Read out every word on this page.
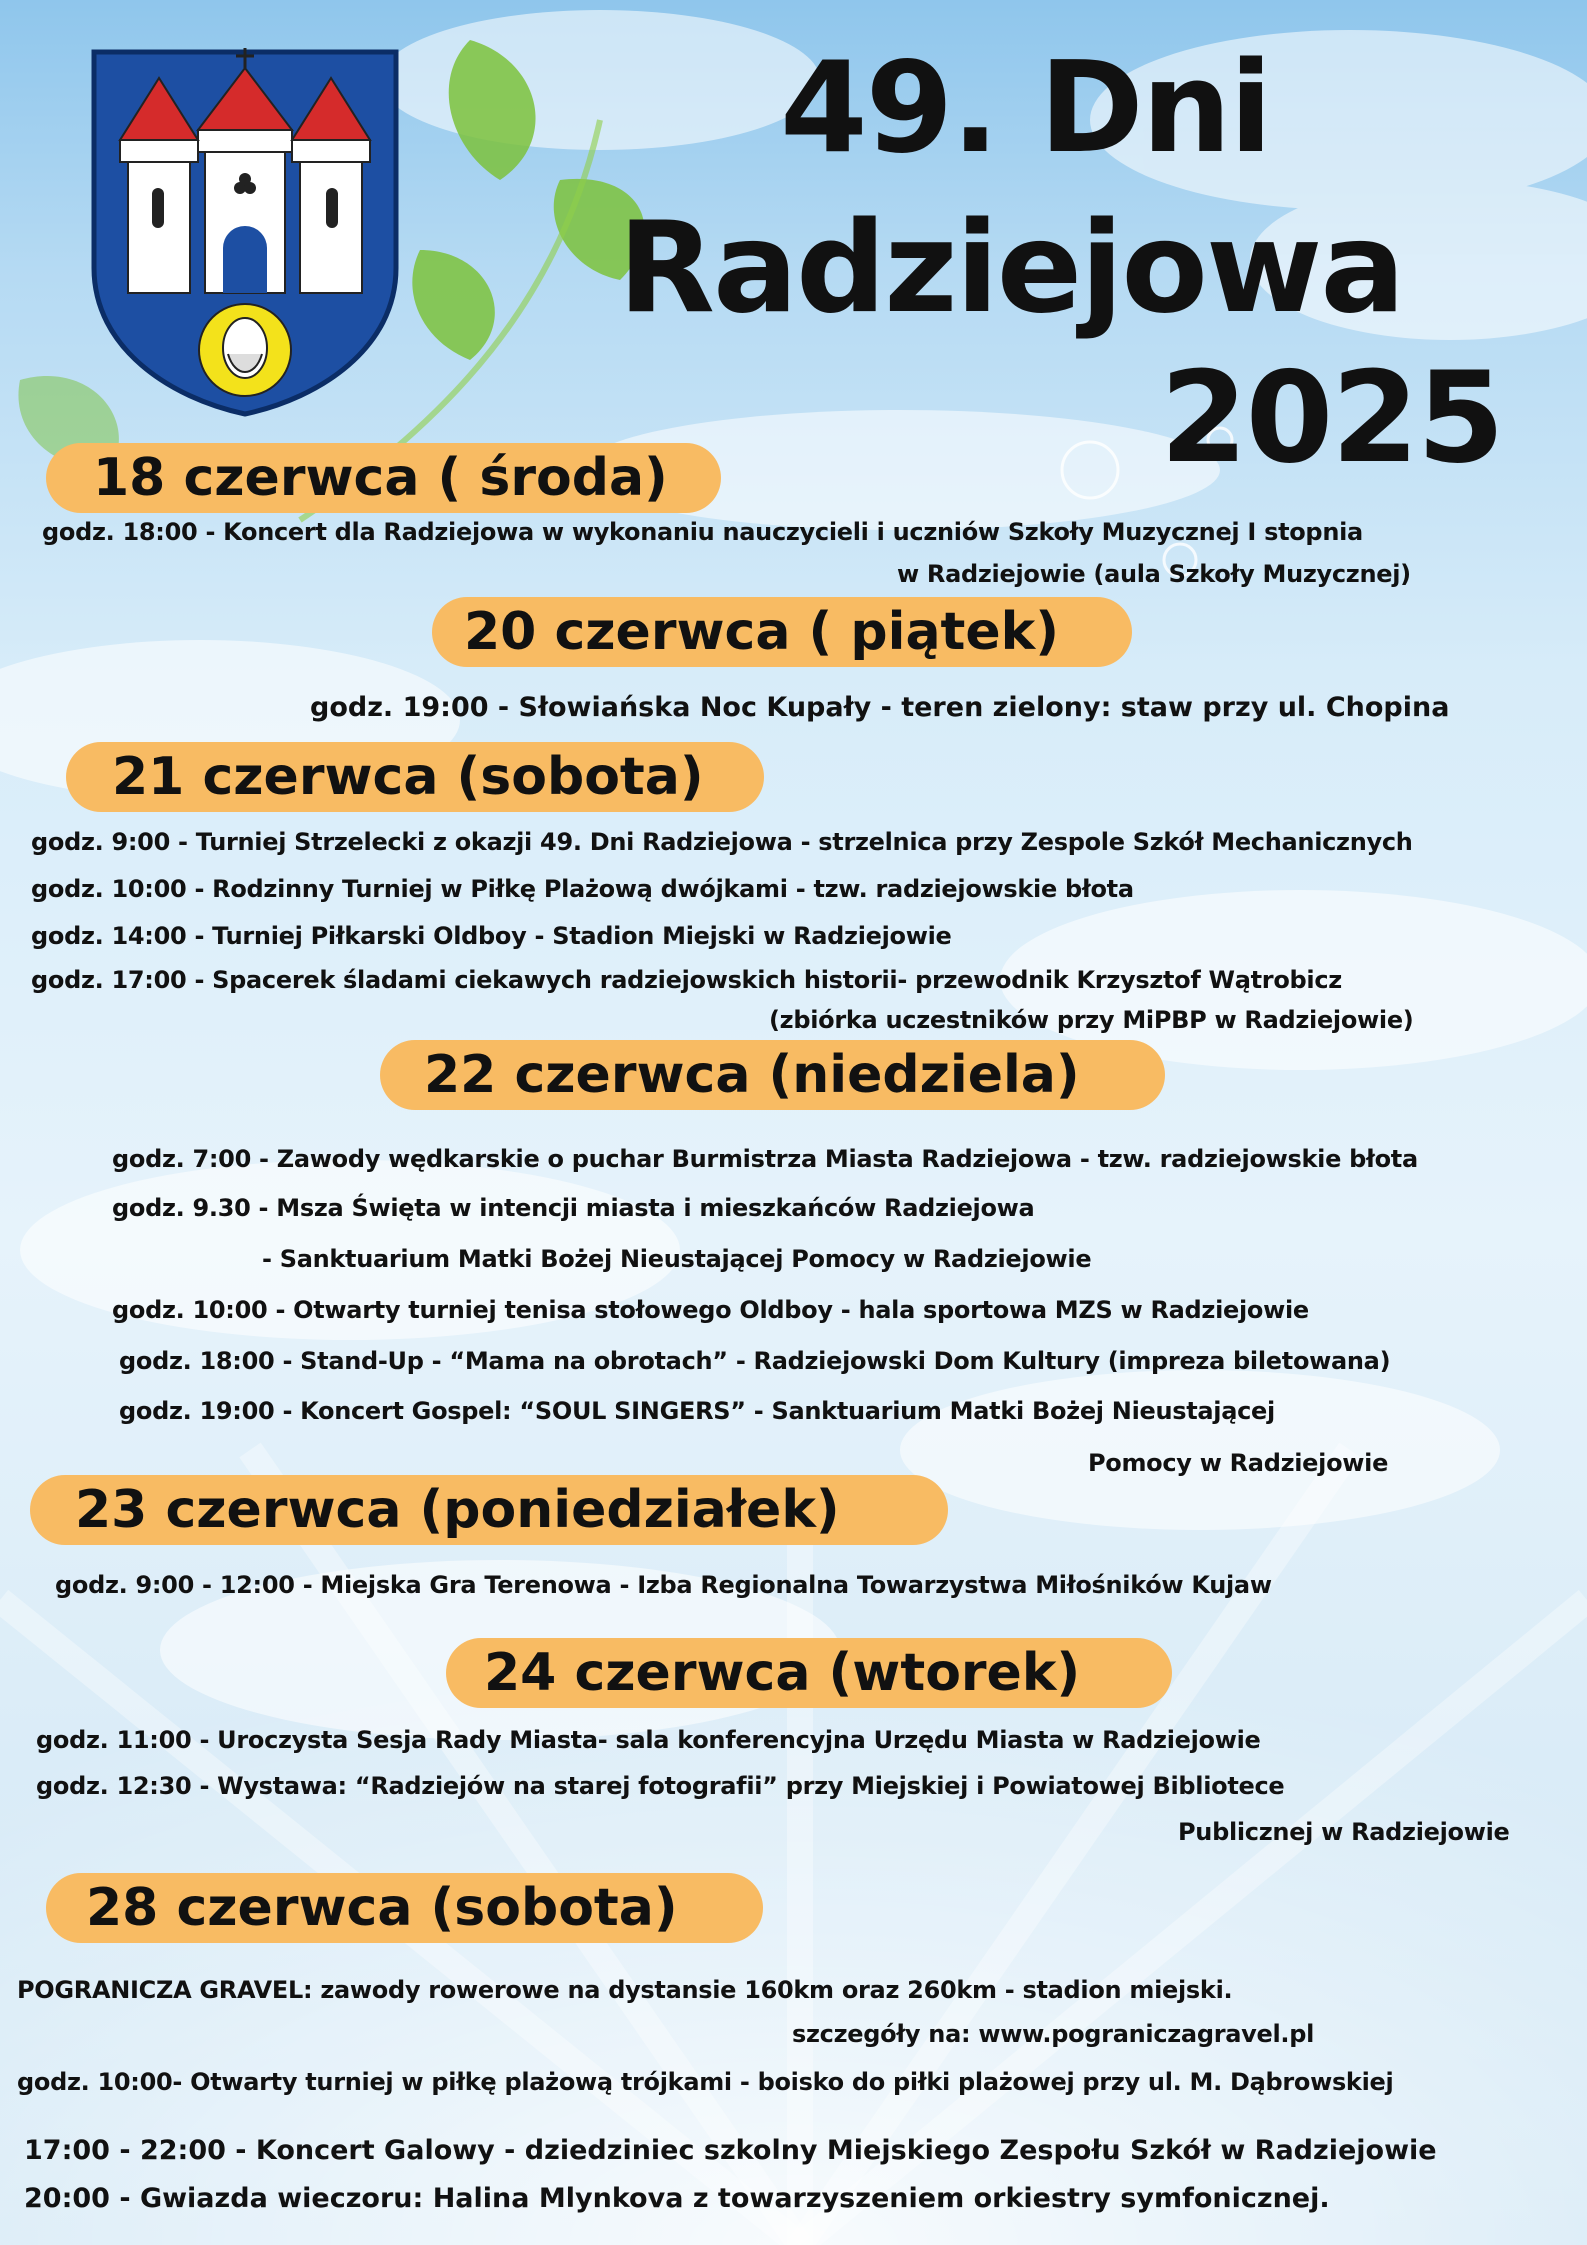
49. Dni
Radziejowa
2025
18 czerwca ( środa)
godz. 18:00 - Koncert dla Radziejowa w wykonaniu nauczycieli i uczniów Szkoły Muzycznej I stopnia
w Radziejowie (aula Szkoły Muzycznej)
20 czerwca ( piątek)
godz. 19:00 - Słowiańska Noc Kupały - teren zielony: staw przy ul. Chopina
21 czerwca (sobota)
godz. 9:00 - Turniej Strzelecki z okazji 49. Dni Radziejowa - strzelnica przy Zespole Szkół Mechanicznych
godz. 10:00 - Rodzinny Turniej w Piłkę Plażową dwójkami - tzw. radziejowskie błota
godz. 14:00 - Turniej Piłkarski Oldboy - Stadion Miejski w Radziejowie
godz. 17:00 - Spacerek śladami ciekawych radziejowskich historii- przewodnik Krzysztof Wątrobicz
(zbiórka uczestników przy MiPBP w Radziejowie)
22 czerwca (niedziela)
godz. 7:00 - Zawody wędkarskie o puchar Burmistrza Miasta Radziejowa - tzw. radziejowskie błota
godz. 9.30 - Msza Święta w intencji miasta i mieszkańców Radziejowa
- Sanktuarium Matki Bożej Nieustającej Pomocy w Radziejowie
godz. 10:00 - Otwarty turniej tenisa stołowego Oldboy - hala sportowa MZS w Radziejowie
godz. 18:00 - Stand-Up - “Mama na obrotach” - Radziejowski Dom Kultury (impreza biletowana)
godz. 19:00 - Koncert Gospel: “SOUL SINGERS” - Sanktuarium Matki Bożej Nieustającej
Pomocy w Radziejowie
23 czerwca (poniedziałek)
godz. 9:00 - 12:00 - Miejska Gra Terenowa - Izba Regionalna Towarzystwa Miłośników Kujaw
24 czerwca (wtorek)
godz. 11:00 - Uroczysta Sesja Rady Miasta- sala konferencyjna Urzędu Miasta w Radziejowie
godz. 12:30 - Wystawa: “Radziejów na starej fotografii” przy Miejskiej i Powiatowej Bibliotece
Publicznej w Radziejowie
28 czerwca (sobota)
POGRANICZA GRAVEL: zawody rowerowe na dystansie 160km oraz 260km - stadion miejski.
szczegóły na: www.pograniczagravel.pl
godz. 10:00- Otwarty turniej w piłkę plażową trójkami - boisko do piłki plażowej przy ul. M. Dąbrowskiej
17:00 - 22:00 - Koncert Galowy - dziedziniec szkolny Miejskiego Zespołu Szkół w Radziejowie
20:00 - Gwiazda wieczoru: Halina Mlynkova z towarzyszeniem orkiestry symfonicznej.
